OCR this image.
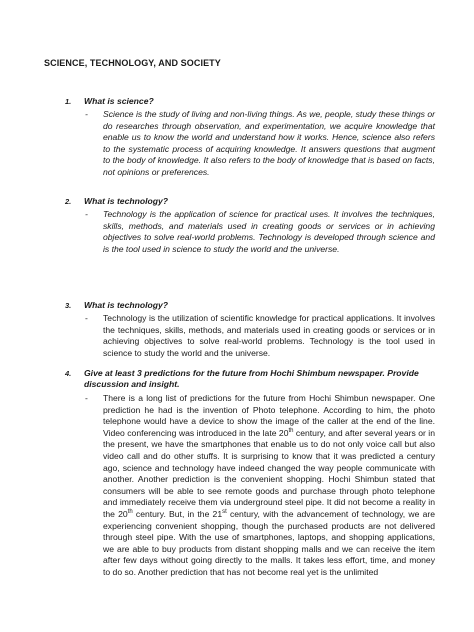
SCIENCE, TECHNOLOGY, AND SOCIETY
1.	What is science?
-	Science is the study of living and non-living things. As we, people, study these things or do researches through observation, and experimentation, we acquire knowledge that enable us to know the world and understand how it works. Hence, science also refers to the systematic process of acquiring knowledge. It answers questions that augment to the body of knowledge. It also refers to the body of knowledge that is based on facts, not opinions or preferences.
2.	What is technology?
-	Technology is the application of science for practical uses. It involves the techniques, skills, methods, and materials used in creating goods or services or in achieving objectives to solve real-world problems. Technology is developed through science and is the tool used in science to study the world and the universe.
3.	What is technology?
-	Technology is the utilization of scientific knowledge for practical applications. It involves the techniques, skills, methods, and materials used in creating goods or services or in achieving objectives to solve real-world problems. Technology is the tool used in science to study the world and the universe.
4.	Give at least 3 predictions for the future from Hochi Shimbum newspaper. Provide discussion and insight.
-	There is a long list of predictions for the future from Hochi Shimbun newspaper. One prediction he had is the invention of Photo telephone. According to him, the photo telephone would have a device to show the image of the caller at the end of the line. Video conferencing was introduced in the late 20th century, and after several years or in the present, we have the smartphones that enable us to do not only voice call but also video call and do other stuffs. It is surprising to know that it was predicted a century ago, science and technology have indeed changed the way people communicate with another. Another prediction is the convenient shopping. Hochi Shimbun stated that consumers will be able to see remote goods and purchase through photo telephone and immediately receive them via underground steel pipe. It did not become a reality in the 20th century. But, in the 21st century, with the advancement of technology, we are experiencing convenient shopping, though the purchased products are not delivered through steel pipe. With the use of smartphones, laptops, and shopping applications, we are able to buy products from distant shopping malls and we can receive the item after few days without going directly to the malls. It takes less effort, time, and money to do so. Another prediction that has not become real yet is the unlimited
